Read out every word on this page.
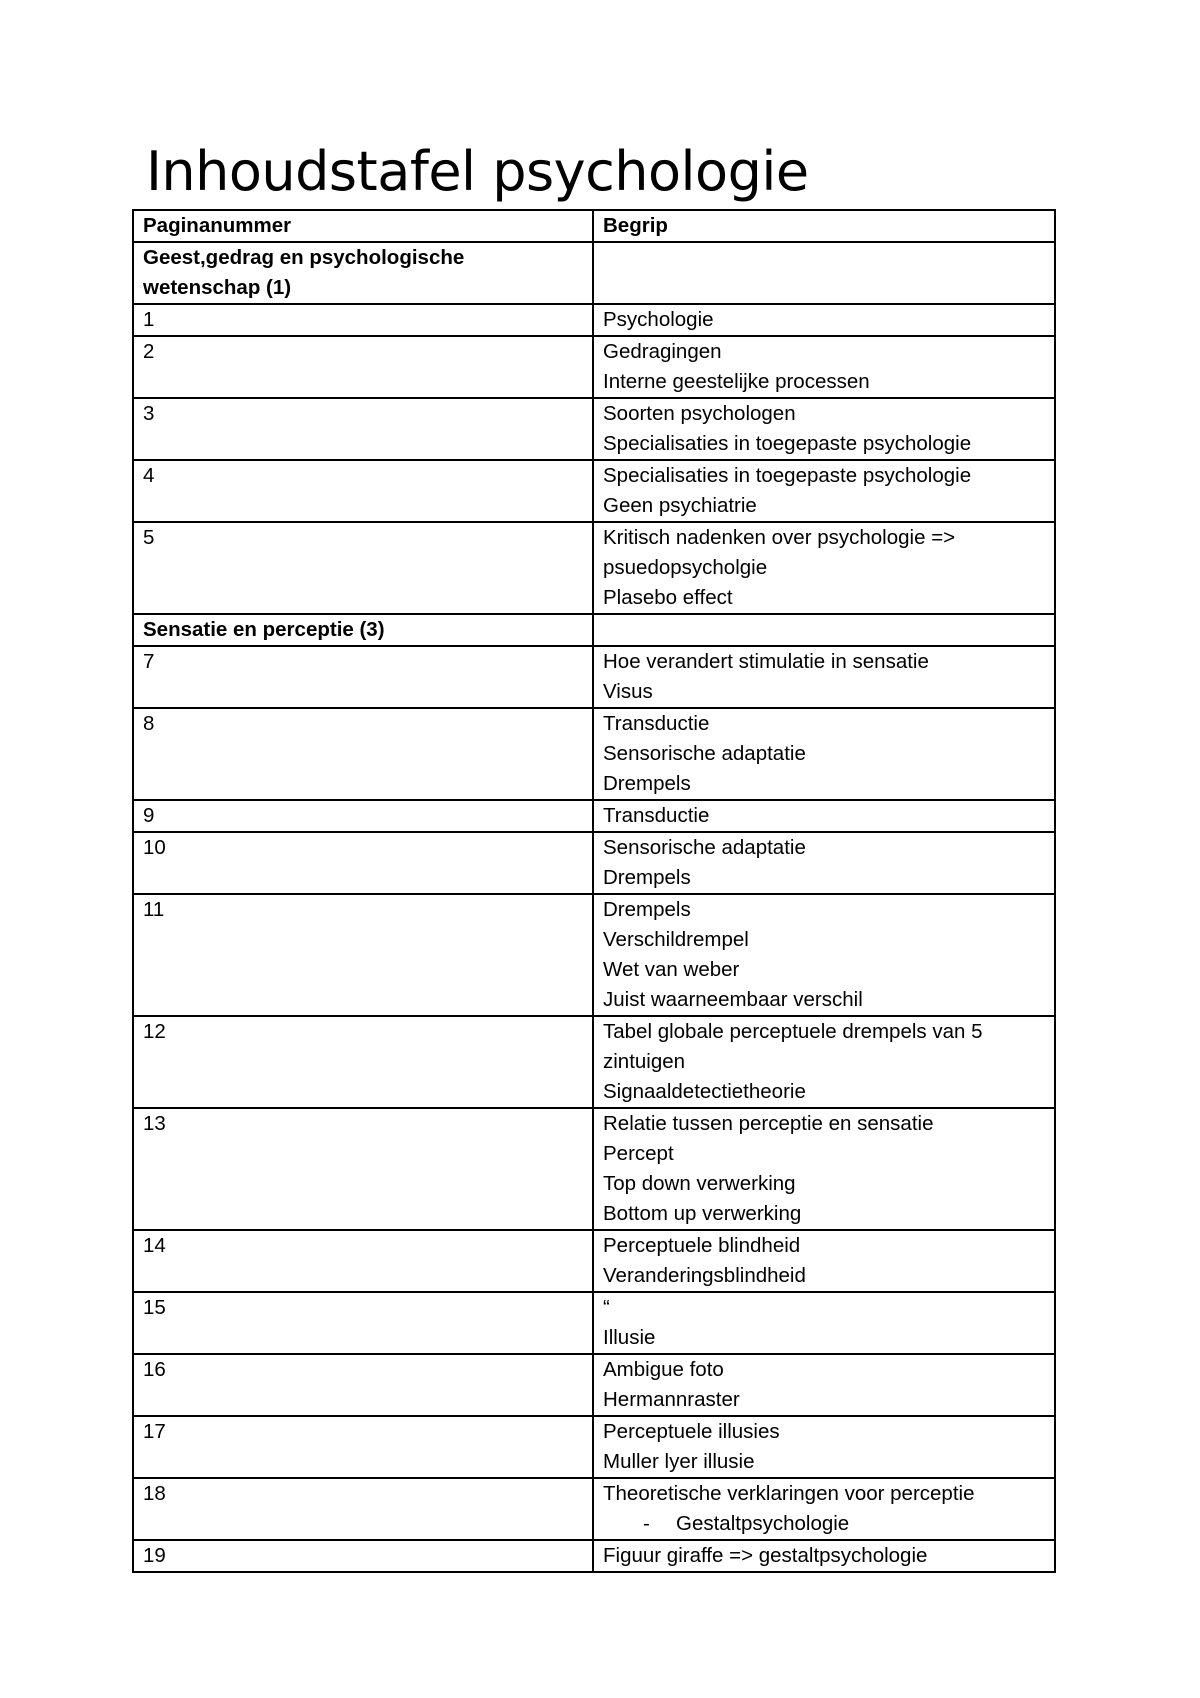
Inhoudstafel psychologie
Paginanummer	Begrip

Geest,gedrag en psychologische
wetenschap (1)	

1	Psychologie

2	Gedragingen
Interne geestelijke processen

3	Soorten psychologen
Specialisaties in toegepaste psychologie

4	Specialisaties in toegepaste psychologie
Geen psychiatrie

5	Kritisch nadenken over psychologie =>
psuedopsycholgie
Plasebo effect

Sensatie en perceptie (3)	

7	Hoe verandert stimulatie in sensatie
Visus

8	Transductie
Sensorische adaptatie
Drempels

9	Transductie

10	Sensorische adaptatie
Drempels

11	Drempels
Verschildrempel
Wet van weber
Juist waarneembaar verschil

12	Tabel globale perceptuele drempels van 5
zintuigen
Signaaldetectietheorie

13	Relatie tussen perceptie en sensatie
Percept
Top down verwerking
Bottom up verwerking

14	Perceptuele blindheid
Veranderingsblindheid

15	“
Illusie

16	Ambigue foto
Hermannraster

17	Perceptuele illusies
Muller lyer illusie

18	Theoretische verklaringen voor perceptie
- Gestaltpsychologie

19	Figuur giraffe => gestaltpsychologie
